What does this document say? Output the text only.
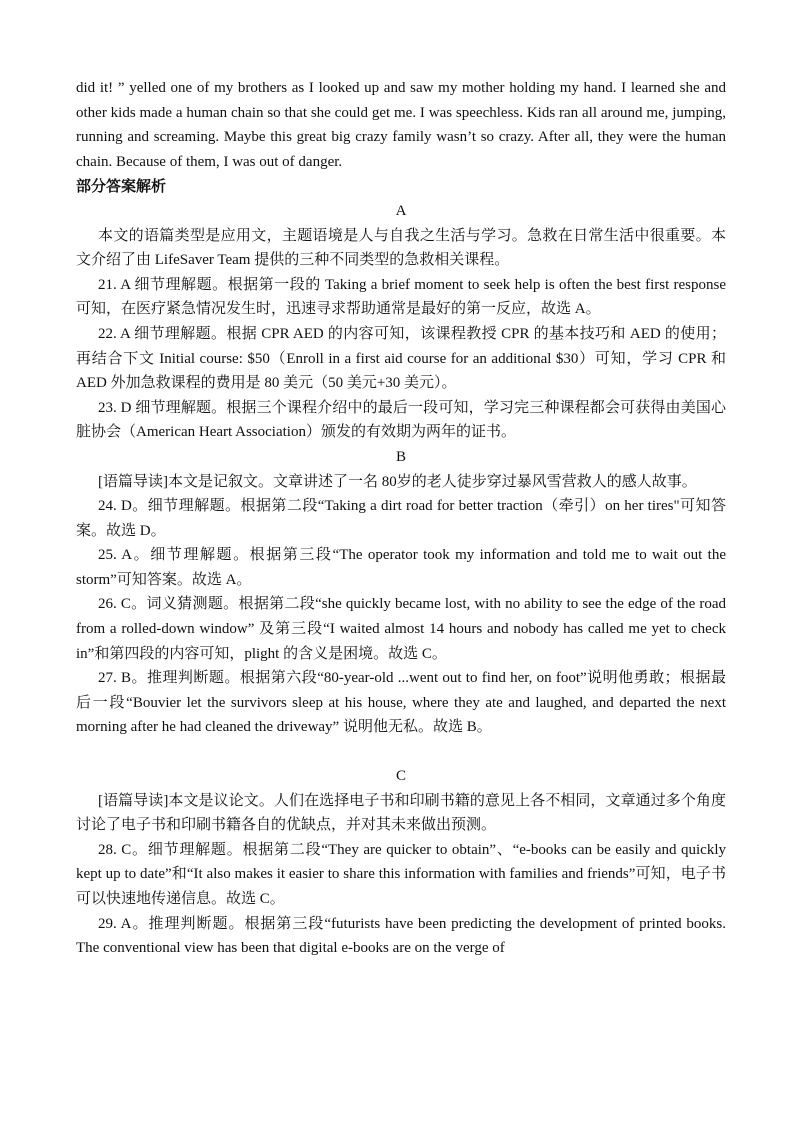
did it! ” yelled one of my brothers as I looked up and saw my mother holding my hand. I learned she and other kids made a human chain so that she could get me. I was speechless. Kids ran all around me, jumping, running and screaming. Maybe this great big crazy family wasn’t so crazy. After all, they were the human chain. Because of them, I was out of danger.

部分答案解析
A

本文的语篇类型是应用文，主题语境是人与自我之生活与学习。急救在日常生活中很重要。本文介绍了由 LifeSaver Team 提供的三种不同类型的急救相关课程。

21. A 细节理解题。根据第一段的 Taking a brief moment to seek help is often the best first response 可知，在医疗紧急情况发生时，迅速寻求帮助通常是最好的第一反应，故选 A。

22. A 细节理解题。根据 CPR AED 的内容可知，该课程教授 CPR 的基本技巧和 AED 的使用；再结合下文 Initial course: $50（Enroll in a first aid course for an additional $30）可知，学习 CPR 和 AED 外加急救课程的费用是 80 美元（50 美元+30 美元）。

23. D 细节理解题。根据三个课程介绍中的最后一段可知，学习完三种课程都会可获得由美国心脏协会（American Heart Association）颁发的有效期为两年的证书。

B

[语篇导读]本文是记叙文。文章讲述了一名 80岁的老人徒步穿过暴风雪营救人的感人故事。

24. D。细节理解题。根据第二段“Taking a dirt road for better traction（牵引）on her tires"可知答案。故选 D。

25. A。细节理解题。根据第三段“The operator took my information and told me to wait out the storm”可知答案。故选 A。

26. C。词义猜测题。根据第二段“she quickly became lost, with no ability to see the edge of the road from a rolled-down window” 及第三段“I waited almost 14 hours and nobody has called me yet to check in”和第四段的内容可知，plight 的含义是困境。故选 C。

27. B。推理判断题。根据第六段“80-year-old ...went out to find her, on foot”说明他勇敢；根据最后一段“Bouvier let the survivors sleep at his house, where they ate and laughed, and departed the next morning after he had cleaned the driveway” 说明他无私。故选 B。

C

[语篇导读]本文是议论文。人们在选择电子书和印刷书籍的意见上各不相同，文章通过多个角度讨论了电子书和印刷书籍各自的优缺点，并对其未来做出预测。

28. C。细节理解题。根据第二段“They are quicker to obtain”、“e-books can be easily and quickly kept up to date”和“It also makes it easier to share this information with families and friends”可知，电子书可以快速地传递信息。故选 C。

29. A。推理判断题。根据第三段“futurists have been predicting the development of printed books. The conventional view has been that digital e-books are on the verge of
